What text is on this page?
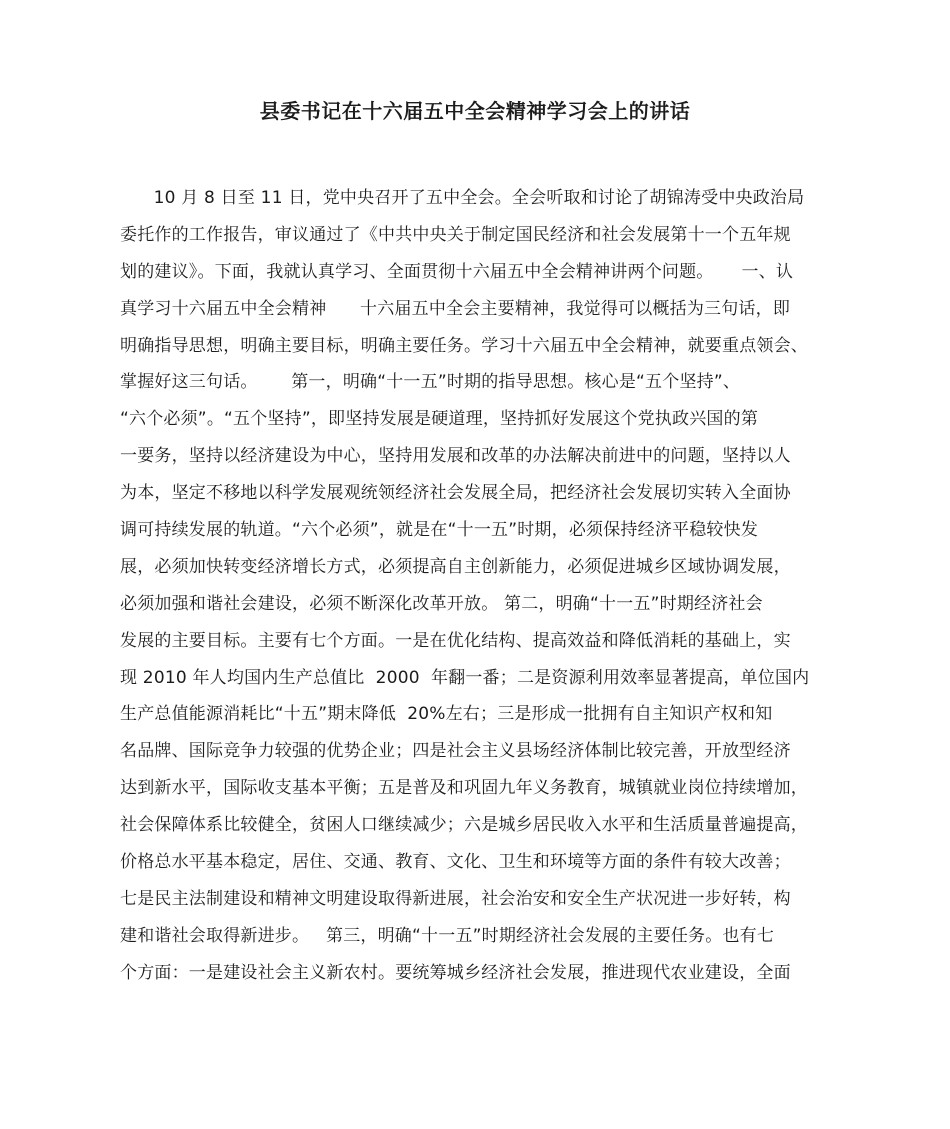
县委书记在十六届五中全会精神学习会上的讲话
10 月 8 日至 11 日，党中央召开了五中全会。全会听取和讨论了胡锦涛受中央政治局
委托作的工作报告，审议通过了《中共中央关于制定国民经济和社会发展第十一个五年规
划的建议》。下面，我就认真学习、全面贯彻十六届五中全会精神讲两个问题。     一、认
真学习十六届五中全会精神      十六届五中全会主要精神，我觉得可以概括为三句话，即
明确指导思想，明确主要目标，明确主要任务。学习十六届五中全会精神，就要重点领会、
掌握好这三句话。      第一，明确“十一五”时期的指导思想。核心是“五个坚持”、
“六个必须”。“五个坚持”，即坚持发展是硬道理，坚持抓好发展这个党执政兴国的第
一要务，坚持以经济建设为中心，坚持用发展和改革的办法解决前进中的问题，坚持以人
为本，坚定不移地以科学发展观统领经济社会发展全局，把经济社会发展切实转入全面协
调可持续发展的轨道。“六个必须”，就是在“十一五”时期，必须保持经济平稳较快发
展，必须加快转变经济增长方式，必须提高自主创新能力，必须促进城乡区域协调发展，
必须加强和谐社会建设，必须不断深化改革开放。 第二，明确“十一五”时期经济社会
发展的主要目标。主要有七个方面。一是在优化结构、提高效益和降低消耗的基础上，实
现 2010 年人均国内生产总值比  2000  年翻一番；二是资源利用效率显著提高，单位国内
生产总值能源消耗比“十五”期末降低  20%左右；三是形成一批拥有自主知识产权和知
名品牌、国际竞争力较强的优势企业；四是社会主义县场经济体制比较完善，开放型经济
达到新水平，国际收支基本平衡；五是普及和巩固九年义务教育，城镇就业岗位持续增加，
社会保障体系比较健全，贫困人口继续减少；六是城乡居民收入水平和生活质量普遍提高，
价格总水平基本稳定，居住、交通、教育、文化、卫生和环境等方面的条件有较大改善；
七是民主法制建设和精神文明建设取得新进展，社会治安和安全生产状况进一步好转，构
建和谐社会取得新进步。   第三，明确“十一五”时期经济社会发展的主要任务。也有七
个方面：一是建设社会主义新农村。要统筹城乡经济社会发展，推进现代农业建设，全面
